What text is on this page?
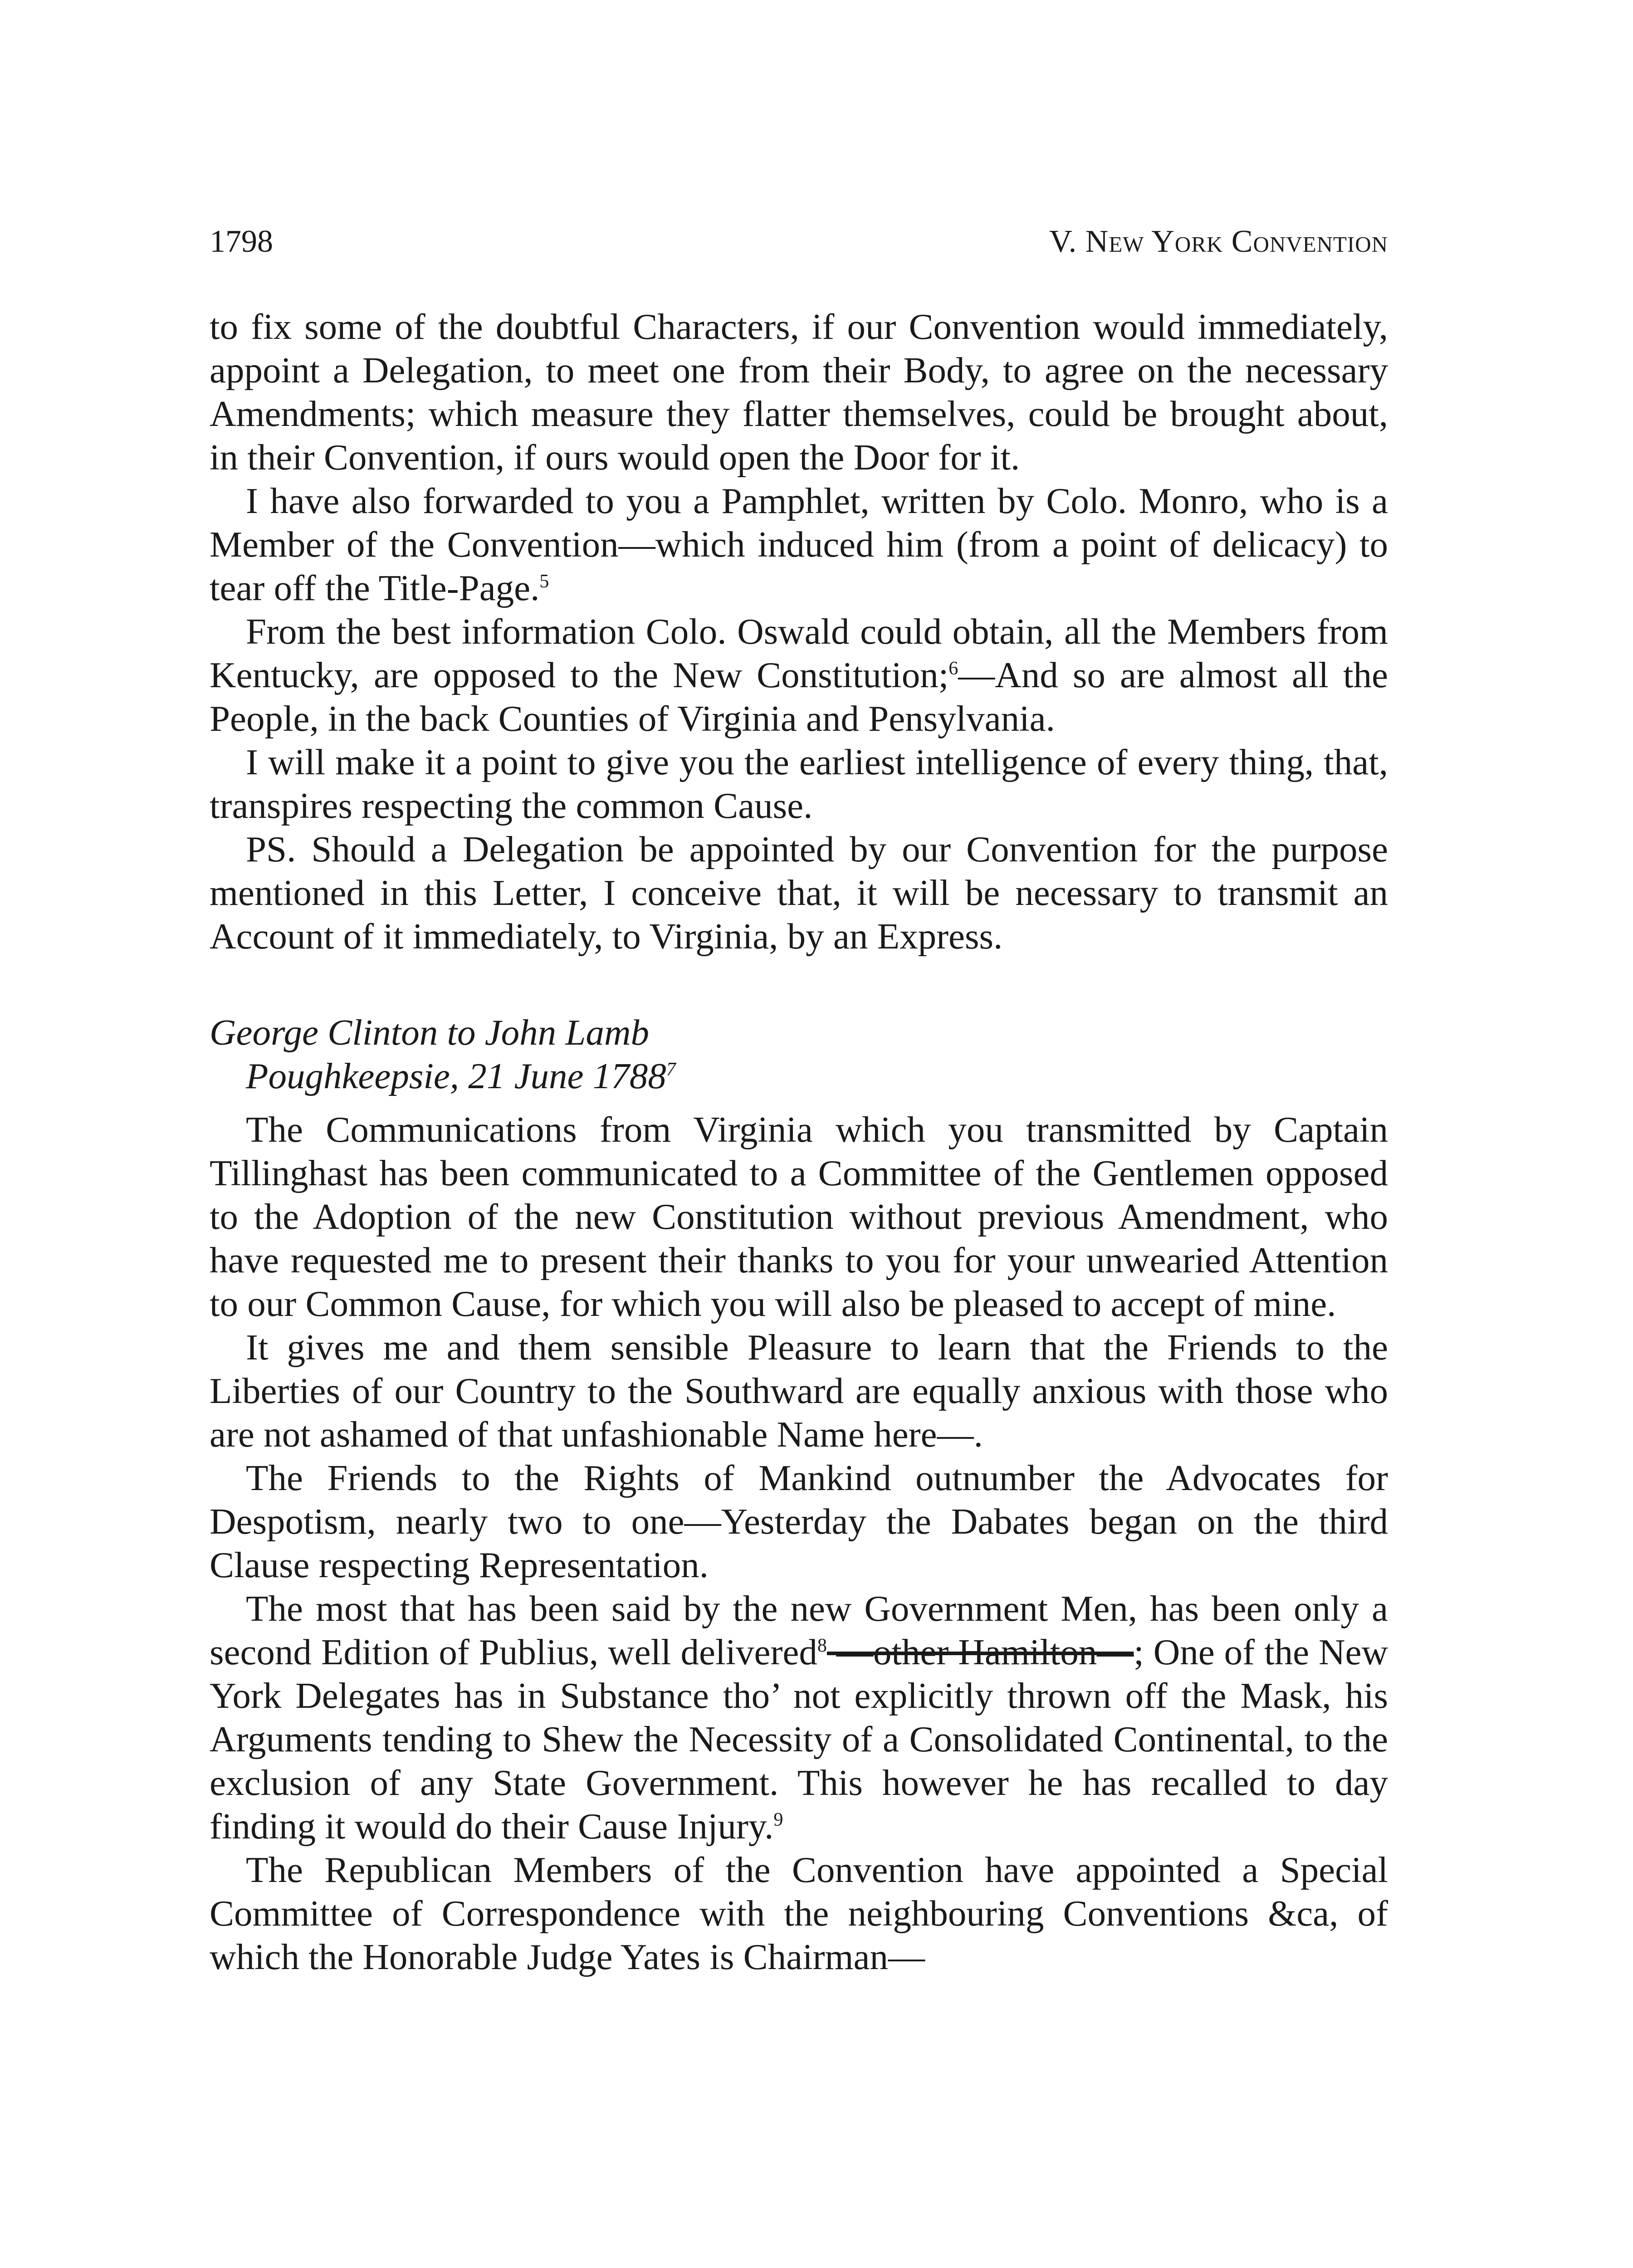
1798	V. New York Convention

to fix some of the doubtful Characters, if our Convention would immediately, appoint a Delegation, to meet one from their Body, to agree on the necessary Amendments; which measure they flatter themselves, could be brought about, in their Convention, if ours would open the Door for it.

I have also forwarded to you a Pamphlet, written by Colo. Monro, who is a Member of the Convention—which induced him (from a point of delicacy) to tear off the Title-Page.$^5$

From the best information Colo. Oswald could obtain, all the Members from Kentucky, are opposed to the New Constitution;$^6$—And so are almost all the People, in the back Counties of Virginia and Pensylvania.

I will make it a point to give you the earliest intelligence of every thing, that, transpires respecting the common Cause.

PS. Should a Delegation be appointed by our Convention for the purpose mentioned in this Letter, I conceive that, it will be necessary to transmit an Account of it immediately, to Virginia, by an Express.

George Clinton to John Lamb
Poughkeepsie, 21 June 1788$^7$

The Communications from Virginia which you transmitted by Captain Tillinghast has been communicated to a Committee of the Gentlemen opposed to the Adoption of the new Constitution without previous Amendment, who have requested me to present their thanks to you for your unwearied Attention to our Common Cause, for which you will also be pleased to accept of mine.

It gives me and them sensible Pleasure to learn that the Friends to the Liberties of our Country to the Southward are equally anxious with those who are not ashamed of that unfashionable Name here—.

The Friends to the Rights of Mankind outnumber the Advocates for Despotism, nearly two to one—Yesterday the Dabates began on the third Clause respecting Representation.

The most that has been said by the new Government Men, has been only a second Edition of Publius, well delivered$^8$ —other Hamilton—; One of the New York Delegates has in Substance tho’ not explicitly thrown off the Mask, his Arguments tending to Shew the Necessity of a Consolidated Continental, to the exclusion of any State Government. This however he has recalled to day finding it would do their Cause Injury.$^9$

The Republican Members of the Convention have appointed a Special Committee of Correspondence with the neighbouring Conventions &ca, of which the Honorable Judge Yates is Chairman—
